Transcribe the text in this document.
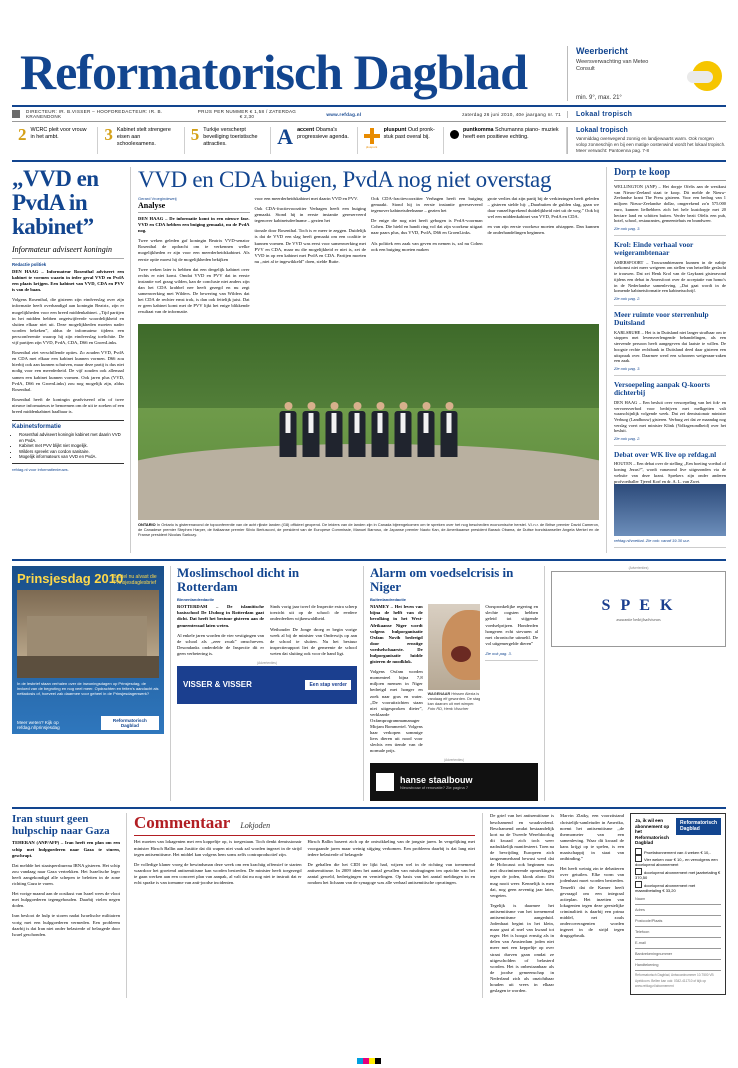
Reformatorisch Dagblad	Weerbericht
Weersverwachting van Meteo Consult
min. 9°, max. 21°
DIRECTEUR: IR. B.VISSER – HOOFDREDACTEUR: IR. B. KRANENDONK
PRIJS PER NUMMER € 1,58 / ZATERDAG € 2,30	www.refdag.nl	zaterdag 26 juni 2010, 40e jaargang nr. 71	Lokaal tropisch
2 WCRC pleit voor vrouw in het ambt.	3 Kabinet stelt strengere eisen aan schoolexamens.	5 Turkije verscherpt beveiliging toeristische attracties.	A accent Obama's progressieve agenda.
pluspunt
pluspunt Oud pronk- stuk past overal bij.
puntkomma Schumanns piano- muziek heeft een positieve echting.
Lokaal tropisch
Vanmiddag overwegend zonnig en landjewaarts warm. Ook morgen volop zonneschijn en bij een matige oostenwind wordt het lokaal tropisch. Meer verwacht: Pantoenna pag. 7-8
„VVD en PvdA in kabinet”
Informateur adviseert koningin
Redactie politiek

DEN HAAG – Informateur Rosenthal adviseert een kabinet te vormen waarin in ieder geval VVD en PvdA een plaats krijgen. Een kabinet van VVD, CDA en PVV is van de baan.

Volgens Rosenthal, die gisteren zijn eindverslag over zijn informatie heeft overhandigd aan koningin Beatrix, zijn er mogelijkheden voor een breed middenkabinet. „Tijd partijen in het midden hebben ongetwijfeerde woordelijkheid en sluiten elkaar niet uit. Deze mogelijkheden moeten nader worden bekeken”, aldus de informateur tijdens een persconferentie waarop hij zijn eindverslag toelichtte. De vijf partijen zijn VVD, PvdA, CDA, D66 en GroenLinks.

Rosenthal ziet verschillende opties. Zo zouden VVD, PvdA en CDA met elkaar een kabinet kunnen vormen. D66 zou hierbij ook aan kunnen schuiven, maar deze partij is dus niet nodig voor een meerderheid. De vijf zouden ook allemaal samen een kabinet kunnen vormen. Ook jaren plus (VVD, PvdA, D66 en GroenLinks) zou nog mogelijk zijn, aldus Rosenthal.

Rosenthal heeft de koningin geadviseerd ofin of twee nieuwe informateurs te benoemen om de uit te zoeken of een breed middenkabinet haalbaar is.

Kabinetsformatie
• Rosenthal adviseert koningin kabinet met daarin VVD en PvdA.
• Kabinet met PVV blijkt niet mogelijk.
• Wilders spreekt van cordon sanitaire.
• Mogelijk informateurs van VVD en PvdA.
refdag.nl voor informatienieuws.
VVD en CDA buigen, PvdA nog niet overstag
Gerard Vroegindeweij
Analyse

DEN HAAG – De informatie komt in een nieuwe fase. VVD en CDA hebben een buiging gemaakt, nu de PvdA nog.

Twee weken geleden gaf koningin Beatrix VVD-senator Rosenthal de opdracht om te verkennen welke mogelijkheden er zijn voor een meerderheidskabinet. Als eerste optie moest hij de mogelijkheden bekijken

Twee weken later is hebben dat een dergelijk kabinet over rechts er niet komt. Omdat VVD en PVV dat in eerste instantie wel graag wilden, kan de conclusie niet anders zijn dan het CDA krabbel nee heeft gezegd en nu zegt samenwerking met Wilders. De bewering van Wilders dat het CDA de rechter ernst trok, is dan ook feitelijk juist. Dat er geen kabinet komt met de PVV lijkt het enige blikkende resultaat van de informatie.

voor een meerderheidskabinet met daarin VVD en PVV.

Ook CDA-fractievoorzitter Verhagen heeft een buiging gemaakt. Stond hij in eerste instantie gereserveerd tegenover kabinetsdeelname – gezien het

tionale door Rosenthal. Toch is er meer te zeggen. Duidelijk is dat de VVD een slag heeft gemaakt om een coalitie te kunnen vormen. De VVD was eerst voor samenwerking met PVV en CDA, maar nu die mogelijkheid er niet is, zet de VVD in op een kabinet met PvdA en CDA. Partijen moeten nu ,,niet al te ingewikkeld” doen, stelde Rutte.

Ook CDA-fractievoorzitter Verhagen heeft een buiging gemaakt. Stond hij in eerste instantie gereserveerd tegenover kabinetsdeelname – gezien het

De enige die nog niet heeft gebogen is PvdA-voorman Cohen. Die hield en handt ring vol dat zijn voorkeur uitgaat naar paars plus, dus VVD, PvdA, D66 en GroenLinks.

Als politiek een zaak van geven en nemen is, zal nu Cohen ook een buiging moeten maken

grote verlies dat zijn partij bij de verkiezingen heeft geleden – gisteren stelde hij: ,,Daarbuiten de gulden slag, gaan we daar vanzelfsprekend duidelijkheid niet uit de weg.” Ook bij wel een middenkabinet van VVD, PvdA en CDA.

en van zijn eerste voorkeur moeten afstappen. Dan kunnen de onderhandelingen beginnen.

ONTARIO In Ontario is gisterenavond de topconferentie van de acht rijkste landen (G8) officieel geopend. De leiders van de landen zijn in Canada bijeengekomen om te spreken over het nog beschedien economische herstel. V.l.n.r. de Britse premier David Cameron, de Canadese premier Stephen Harper, de Italiaanse premier Silvio Berlusconi, de president van de Europese Commissie, Manuel Barroso, de Japanse premier Naoto Kan, de Amerikaanse president Barack Obama, de Duitse bondskanselier Angela Merkel en de Franse president Nicolas Sarkozy.
Dorp te koop
WELLINGTON (ANP) – Het dorpje Ofelis aan de westkust van Nieuw-Zeeland staat te koop. Dit melde de Nieuw-Zeelandse krant The Press gisteren. Voor een bedrag van 1 miljoen Nieuw-Zeelandse dollar, omgerekend zo'n 575.000 euro, kunnen liefhebbers zich het hele kustdorpje met 20 hectare land en schitten buiten. Verder bezit Ofelis een pub, hotel, school, restaurantes, gemeentehuis en brandweer.
Zie ook pag. 3.
Krol: Einde verhaal voor weigerambtenaar
AMERSFOORT – Trouwambtenaren kunnen in de nabije toekomst niet meer weigeren om stellen van hetzelfde geslacht te trouwen. Dat zei Henk Krol van de Gaykrant gisteravond tijdens een debat in Amersfoort over de acceptatie van homo's in de Nederlandse samenleving. ,,Dat gaat wordt in de komende kabinetsformatie een kabinetsschrijf.
Zie ook pag. 2.
Meer ruimte voor sterrenhulp Duitsland
KARLSRUHE – Het is in Duitsland niet langer strafbaar om te stoppen met levensverlengende behandelingen, als een stervende persoon heeft aangegeven dat laatste te willen. De hoogste rechte rechtbank in Duitsland deed daar gisteren een uitspraak over. Daarmee werd een schoonen weigeraan-zaken een zaak.
Zie ook pag. 3.
Versoepeling aanpak Q-koorts dichterbij
DEN HAAG – Een besluit over versoepeling van het fok- en vervoersverbod voor bedrijven met melkgeiten valt waarschijnlijk volgende week. Dat zei demissionair minister Verburg (Landbouw) gisteren. Verburg zei dat ze maandag nog verslag voert met minister Klink (Volksgezondheid) over het besluit.
Zie ook pag. 2.
Debat over WK live op refdag.nl
HOUTEN – Een debat over de stelling ,,Een boeiing voetbal of koning Jezus?”, wordt vanavond live uitgezonden via de website van deze krant. Sprekers zijn onder anderen profvoetballer Tjeerd Korf en dr. A. L. van Zwet.
refdag.nl/voetbal. Zie ook: vanaf 19.30 uur.
Prinsjesdag 2010
Bestel nu alvast die Prinsjesdaglesbrief
In de lesbrief staan verhalen over de inwoningsdagen op Prinsjesdag, de invloed van de begroting en nog veel meer. Opdrachten en feiten's aandacht als nettadosis of, hoeveel zak daarmee voor geheel in de Prinsjesdagenwerk?
Meer weten? Kijk op refdag.nl/prinsjesdag
Reformatorisch Dagblad
Moslimschool dicht in Rotterdam
Binnenlandredactie

ROTTERDAM – De islamitische basisschool De IJsdoog in Rotterdam gaat dicht. Dat heeft het bestuur gisteren aan de gemeenteraad laten weten.

Al enkele jaren worden de vier vestigingen van de school als ,,zeer zwak” omschreven. Desondanks onderdelde de Inspectie dit er geen verbetering is.

Sinds vorig jaar twerf de Inspectie extra scherp toezicht uit op de school: de eerdere onderdeelten wijkenwaldheid.

Wethouder De Jonge droeg er begin vorige week al bij de minister van Onderwijs op aan de school te sluiten. Nu het bestuur inspectierapport liet de gemeente de school weten dat sluiting ook voor de hand ligt.

(Advertenties)
VISSER & VISSER	Een stap verder
Alarm om voedselcrisis in Niger
Buitenlandredactie

NIAMEY – Het leven van bijna de helft van de bevolking in het West-Afrikaanse Niger wordt volgens hulporganisatie Oxfam Novib bedreigd door ernstige voedselschaarste. De hulporganisatie luidde gisteren de noodklok.

Volgens Oxfam worden momenteel bijna 7,8 miljoen mensen in Niger bedreigd met honger en zoek naar gras en water. ,,De vooruitzichten staan niet uitgesproken dieter”, verklaarde Oxfamprogrammamanager Mirjam Bommertel. Volgens haar verkopen sommige liers dieren uit nood voor slechts een tiende van de normale prijs.

WAGENAAR Hrissen Alexia is vandaag elf geworden. De stag kan daarom uit met wimper. Foto RD, Henk Visscher

Oorspronkelijke regering en slechte oogsten hebben geleid tot stijgende voedselprijzen. Honderden hongeren echt stevaren al met chronische uitmeltl. De vol uitgemergelde dieren”

Zie ook pag. 3.
(Advertenties)
hanse staalbouw
Nieuwbouw of renovatie? Zie pagina 7
(Advertenties)
S P E K
assurantie bedrijfsadviseurs
Iran stuurt geen hulpschip naar Gaza

TEHERAN (ANP/AFP) – Iran heeft een plan om een schip met hulpgoederen naar Gaza te sturen, geschrapt.

Dat meldde het staatspersbureau IRNA gisteren. Het schip zou vandaag naar Gaza vertrekken. Het Israelische leger heeft aangekondigd alle schepen te beletten in de zone richting Gaza te varen.

Het vorige maand aan de oostkust van Israel wees de vloot met hulpgoederen tegengehouden. Daarbij vielen negen doden.

Iran besloot de hulp te storen nadat Israelische militairen vorig met een hulpgoederen vermeden. Een probleem daarbij is dat Iran niet onder belasterde of belasgede door Israel geschonden.

Commentaar Lokjoden

Het moeten van lokagenten met een koppeltje op, is toegestaan. Toch denkt demissionair minister Hirsch Ballin aan Justitie dat dit wapen niet vaak zal worden ingezet in de strijd tegen antisemitisme. Het middel kan volgens hem soms zelfs contraproductief zijn.

De volledige klaner vroeg de bewindsman deze week om een krachtig offensief te starten waardoor het groeiend antisemitisme kan worden bestreden. De minister heeft toegezegd te gaan werken aan een concreet plan van aanpak, al valt dat nu nog niet te instruit dat er echt sprake is van toename van anti-joodse incidenten.

Hirsch Ballin baseert zich op de ontwikkeling van de jongste jaren. In vergelijking met voorgaande jaren maar weinig stijging verkomen. Een probleem daarbij is dat lang niet iedere belasterde of belasgede

De gehallen die het CIDI ter lijkt had, wijzen wel in de richting van toenemend antisemitisme. In 2009 idem het aantal gevallen van misdragingen ten opzichte van het aantal geweld, bedreigingen en vernielingen. Op basis van het aantal meldingen in en rondom het lichaam van de synagoge was alle verbaal antisemitische opvatingen.

De grief van het antisemitisme is beschamend en wraakvolend. Beschamend omdat bestaandelijk kort na de Tweede Wereldoorlog dit kwaad zich toch weer nadrukkelijk manifesteert. Toen na de bevrijding Europeen zich tangzeamerhand bewust werd dat de Holocaust ook beginnen was met discriminerende opmerkingen tegen de joden, klonk alom: Dit mag nooit weer. Kennelijk is men dat, nog geen zeventig jaar later, vergeten.

Tegelijk is daarmee het antisemitisme van het toenemend antisemitisme aangeduid. Jodenhaat begint in het klein, maar gaat al snel van kwaad tot erger. Het is hoogst ernstig als in delen van Amsterdam joden niet meer met een keppeltje op over straat durven gaan omdat ze uitgescholden of belasterd worden. Het is onbestaanbaar als de joodse gemeenschap in Nederland zich als onzichtbaar houden uit vrees in elkaar geslagen te worden.

Marvin Zlatky, een voorzitstand christelijk-samleiuder in Amerika, noemt het antisemitisme ,,de thermometer van een samenleving. Waar dit kwaad de kans krijgt op te spelen, is een maatschappij in staat van ontbinding.”

Het heeft weinig zin te debatteren over getuilen. Elke vorm van jodenhaat moet worden bestreden. Tenzelft dat de Kamer heeft gevraagd om een integraal actieplan. Het inzetten van lokagenten tegen deze geestelijke criminaliteit is daarbij een prima middel, net zoals ondercoveragenten worden ingezet in de strijd tegen drugsgebruik.

Ja, ik wil een abonnement op het Reformatorisch Dagblad
Reformatorisch Dagblad
Proefabonnement van 4 weken € 10,-
Vier weken voor € 10,- en vervolgens een doorlopend abonnement
doorlopend abonnement met jaarbetaling € 370,50
doorlopend abonnement met maandbetaling € 33,20
Naam
Adres
Postcode/Plaats
Telefoon
E-mail
Bankrekeningnummer
Handtekening
Reformatorisch Dagblad, Antwoordnummer 10.7500 VB Apeldoorn. Bellen kan ook: 0342-411710 of kijk op www.refdag.nl/abonnement
